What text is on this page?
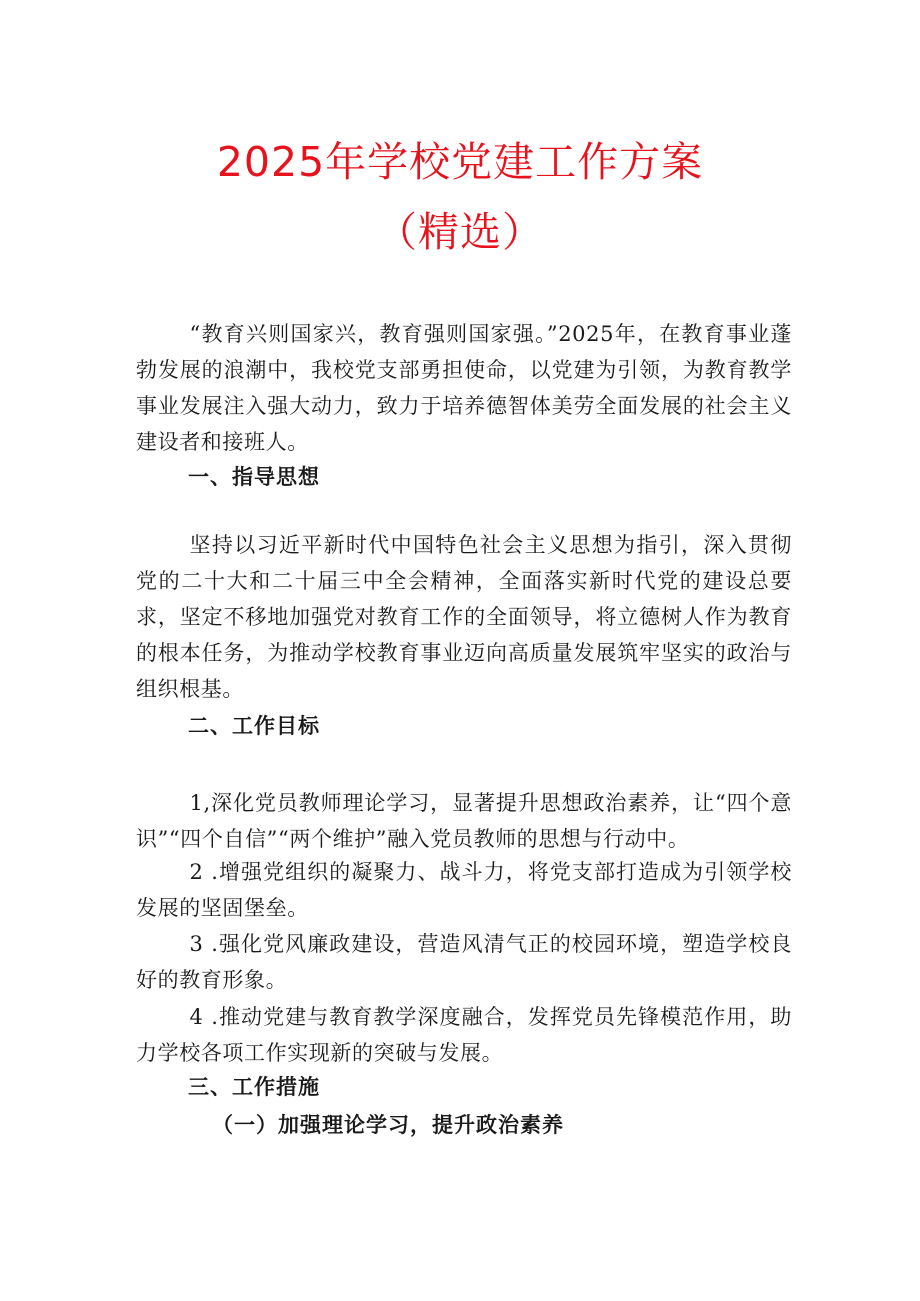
2025年学校党建工作方案
（精选）

“教育兴则国家兴，教育强则国家强。”2025年，在教育事业蓬勃发展的浪潮中，我校党支部勇担使命，以党建为引领，为教育教学事业发展注入强大动力，致力于培养德智体美劳全面发展的社会主义建设者和接班人。

一、指导思想

坚持以习近平新时代中国特色社会主义思想为指引，深入贯彻党的二十大和二十届三中全会精神，全面落实新时代党的建设总要求，坚定不移地加强党对教育工作的全面领导，将立德树人作为教育的根本任务，为推动学校教育事业迈向高质量发展筑牢坚实的政治与组织根基。

二、工作目标

1,深化党员教师理论学习，显著提升思想政治素养，让“四个意识”“四个自信”“两个维护”融入党员教师的思想与行动中。

2 .增强党组织的凝聚力、战斗力，将党支部打造成为引领学校发展的坚固堡垒。

3 .强化党风廉政建设，营造风清气正的校园环境，塑造学校良好的教育形象。

4 .推动党建与教育教学深度融合，发挥党员先锋模范作用，助力学校各项工作实现新的突破与发展。

三、工作措施
（一）加强理论学习，提升政治素养
